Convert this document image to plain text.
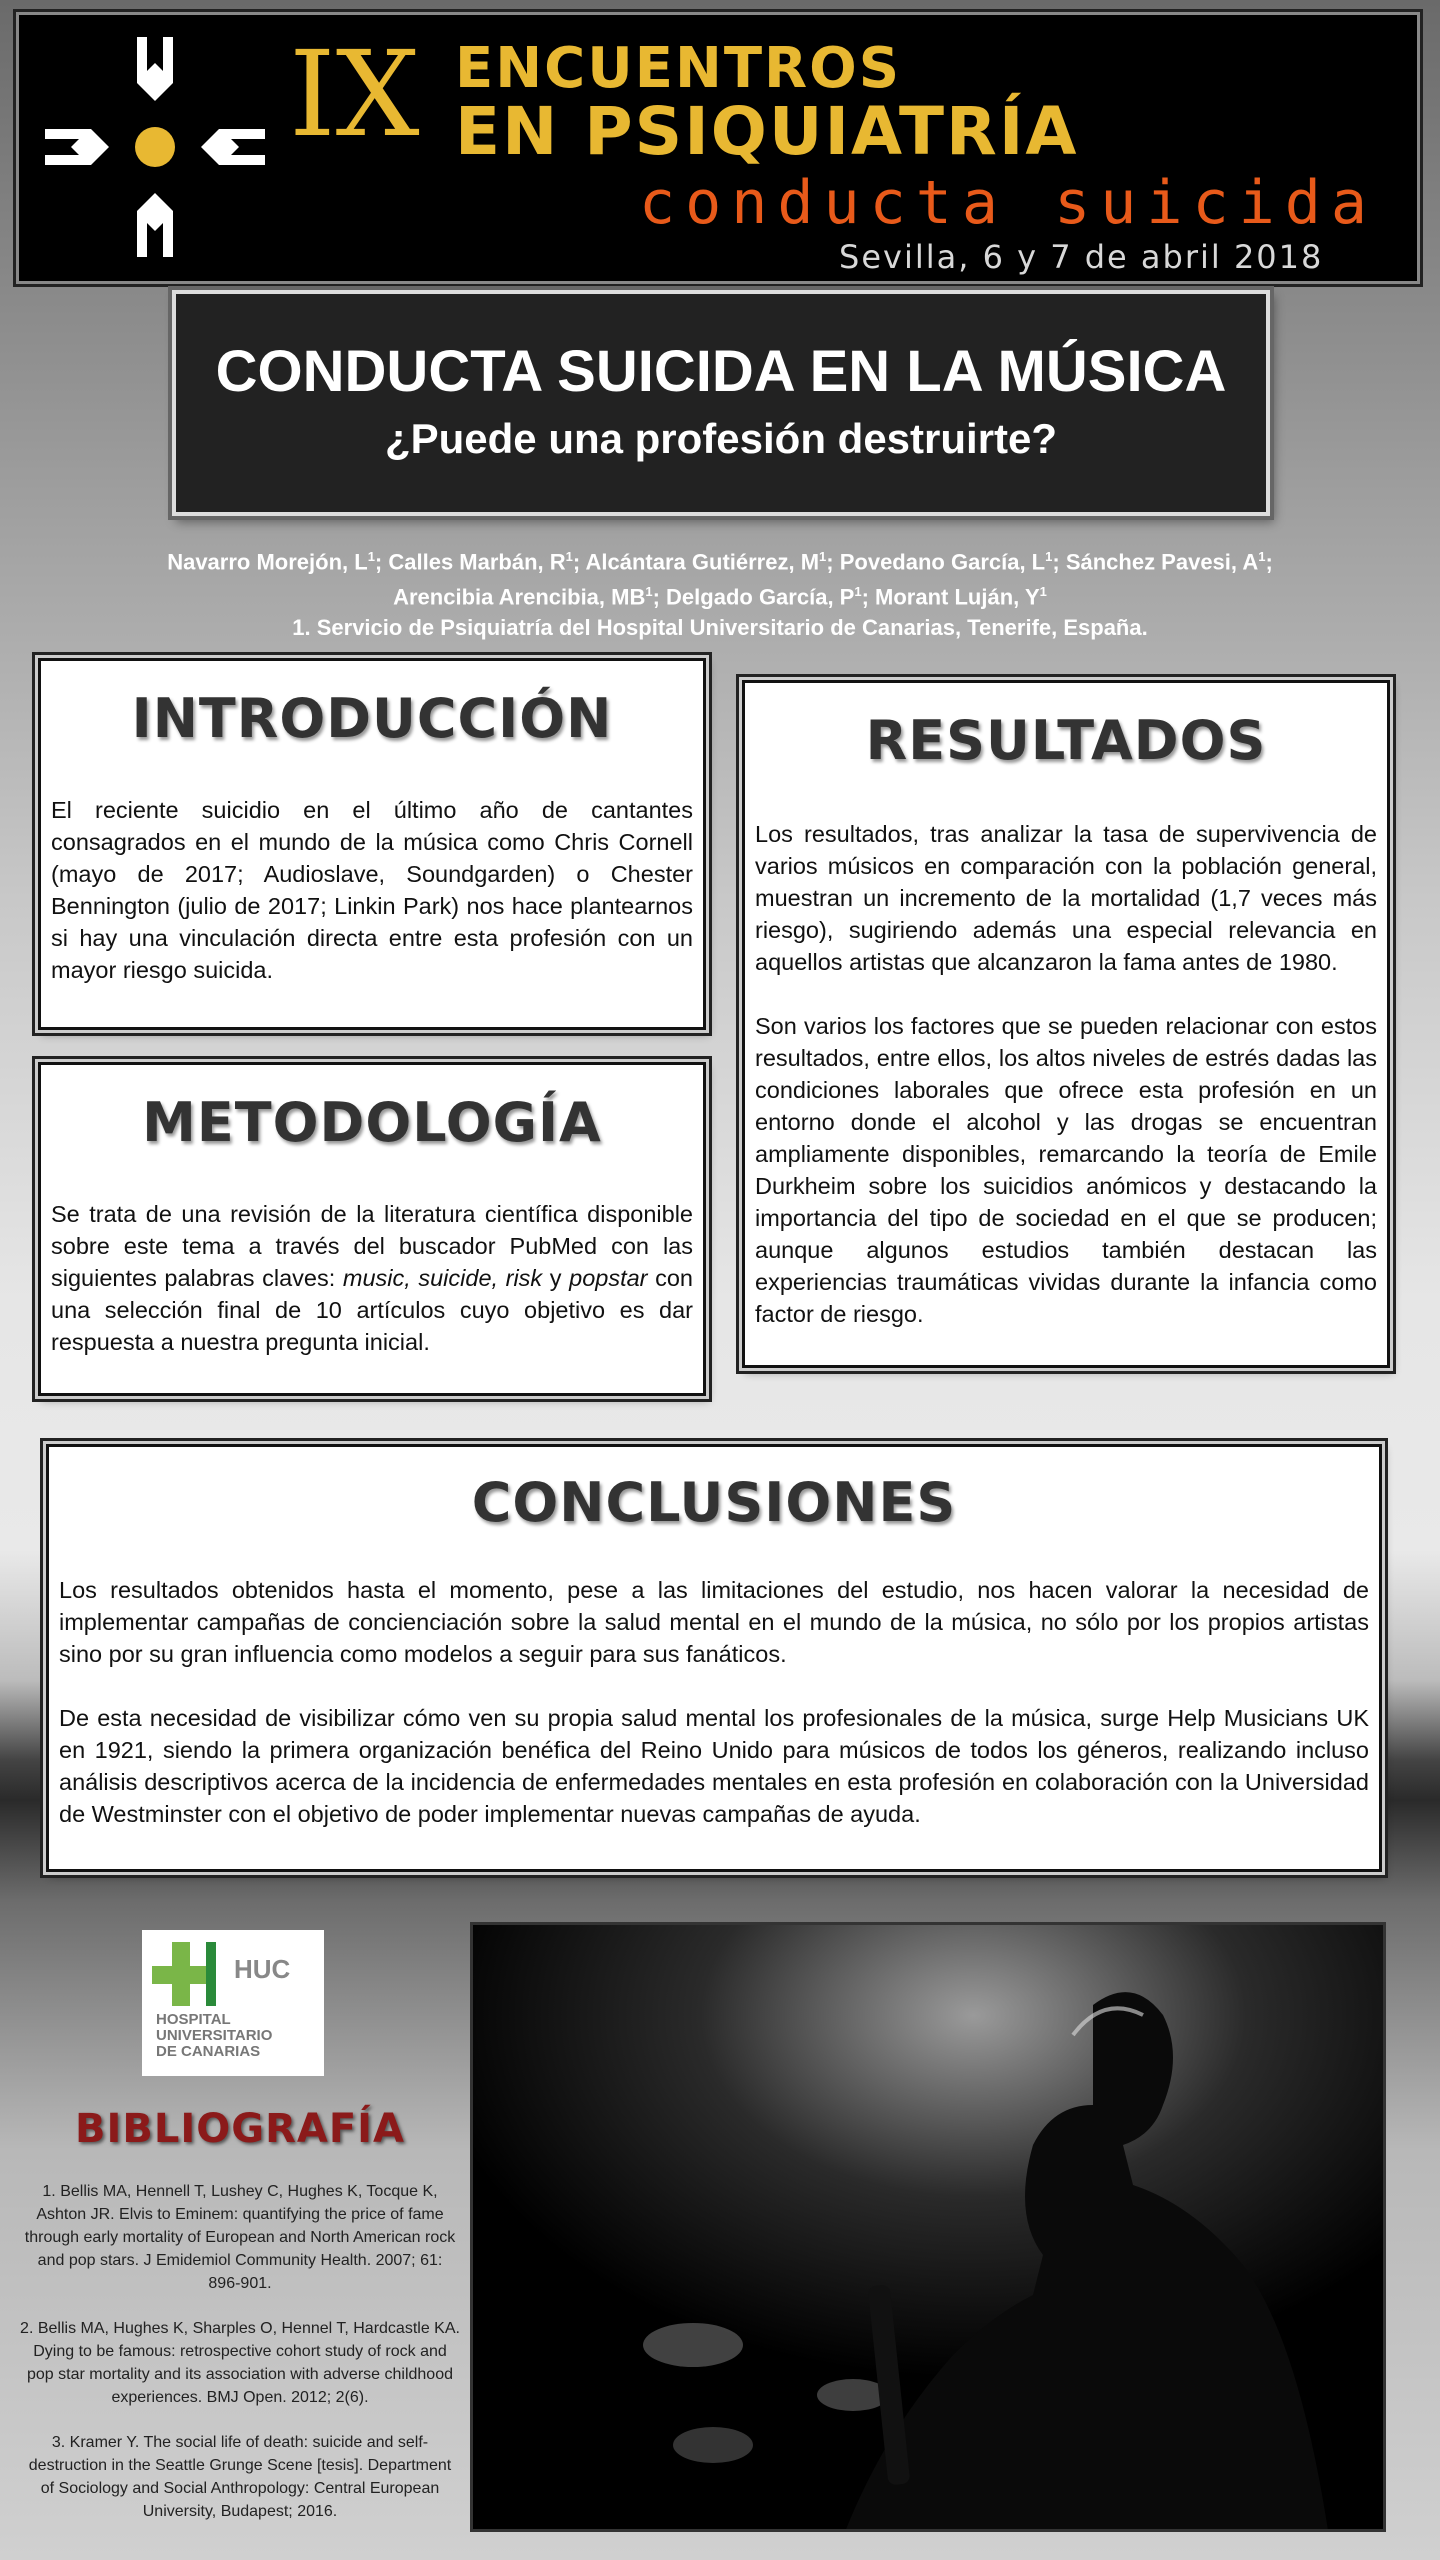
IX ENCUENTROS
EN PSIQUIATRÍA
conducta suicida
Sevilla, 6 y 7 de abril 2018
CONDUCTA SUICIDA EN LA MÚSICA
¿Puede una profesión destruirte?
Navarro Morejón, $L^1$; Calles Marbán, $R^1$; Alcántara Gutiérrez, $M^1$; Povedano García, $L^1$; Sánchez Pavesi, $A^1$;
Arencibia Arencibia, $MB^1$; Delgado García, $P^1$; Morant Luján, $Y^1$
1. Servicio de Psiquiatría del Hospital Universitario de Canarias, Tenerife, España.
INTRODUCCIÓN

El reciente suicidio en el último año de cantantes consagrados en el mundo de la música como Chris Cornell (mayo de 2017; Audioslave, Soundgarden) o Chester Bennington (julio de 2017; Linkin Park) nos hace plantearnos si hay una vinculación directa entre esta profesión con un mayor riesgo suicida.

METODOLOGÍA

Se trata de una revisión de la literatura científica disponible sobre este tema a través del buscador PubMed con las siguientes palabras claves: music, suicide, risk y popstar con una selección final de 10 artículos cuyo objetivo es dar respuesta a nuestra pregunta inicial.

RESULTADOS

Los resultados, tras analizar la tasa de supervivencia de varios músicos en comparación con la población general, muestran un incremento de la mortalidad (1,7 veces más riesgo), sugiriendo además una especial relevancia en aquellos artistas que alcanzaron la fama antes de 1980.

Son varios los factores que se pueden relacionar con estos resultados, entre ellos, los altos niveles de estrés dadas las condiciones laborales que ofrece esta profesión en un entorno donde el alcohol y las drogas se encuentran ampliamente disponibles, remarcando la teoría de Emile Durkheim sobre los suicidios anómicos y destacando la importancia del tipo de sociedad en el que se producen; aunque algunos estudios también destacan las experiencias traumáticas vividas durante la infancia como factor de riesgo.

CONCLUSIONES

Los resultados obtenidos hasta el momento, pese a las limitaciones del estudio, nos hacen valorar la necesidad de implementar campañas de concienciación sobre la salud mental en el mundo de la música, no sólo por los propios artistas sino por su gran influencia como modelos a seguir para sus fanáticos.

De esta necesidad de visibilizar cómo ven su propia salud mental los profesionales de la música, surge Help Musicians UK en 1921, siendo la primera organización benéfica del Reino Unido para músicos de todos los géneros, realizando incluso análisis descriptivos acerca de la incidencia de enfermedades mentales en esta profesión en colaboración con la Universidad de Westminster con el objetivo de poder implementar nuevas campañas de ayuda.

HUC
HOSPITAL
UNIVERSITARIO
DE CANARIAS
BIBLIOGRAFÍA

1. Bellis MA, Hennell T, Lushey C, Hughes K, Tocque K, Ashton JR. Elvis to Eminem: quantifying the price of fame through early mortality of European and North American rock and pop stars. J Emidemiol Community Health. 2007; 61: 896-901.

2. Bellis MA, Hughes K, Sharples O, Hennel T, Hardcastle KA. Dying to be famous: retrospective cohort study of rock and pop star mortality and its association with adverse childhood experiences. BMJ Open. 2012; 2(6).

3. Kramer Y. The social life of death: suicide and self-destruction in the Seattle Grunge Scene [tesis]. Department of Sociology and Social Anthropology: Central European University, Budapest; 2016.
